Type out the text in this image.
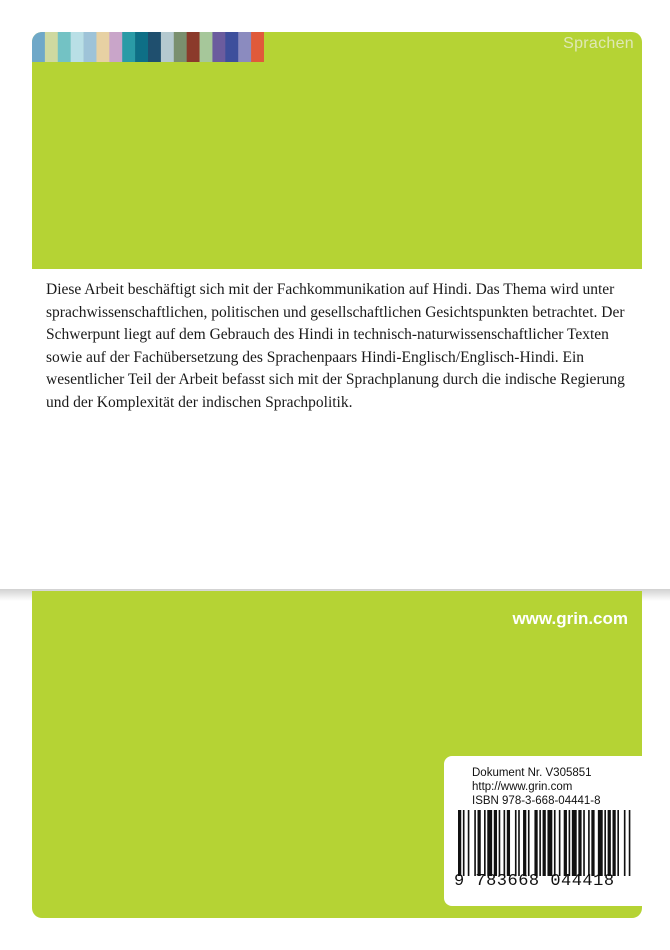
Sprachen

Diese Arbeit beschäftigt sich mit der Fachkommunikation auf Hindi. Das Thema wird unter sprachwissenschaftlichen, politischen und gesellschaftlichen Gesichtspunkten betrachtet. Der Schwerpunt liegt auf dem Gebrauch des Hindi in technisch-naturwissenschaftlicher Texten sowie auf der Fachübersetzung des Sprachenpaars Hindi-Englisch/Englisch-Hindi. Ein wesentlicher Teil der Arbeit befasst sich mit der Sprachplanung durch die indische Regierung und der Komplexität der indischen Sprachpolitik.

www.grin.com
Dokument Nr. V305851
http://www.grin.com
ISBN 978-3-668-04441-8
9 783668 044418
